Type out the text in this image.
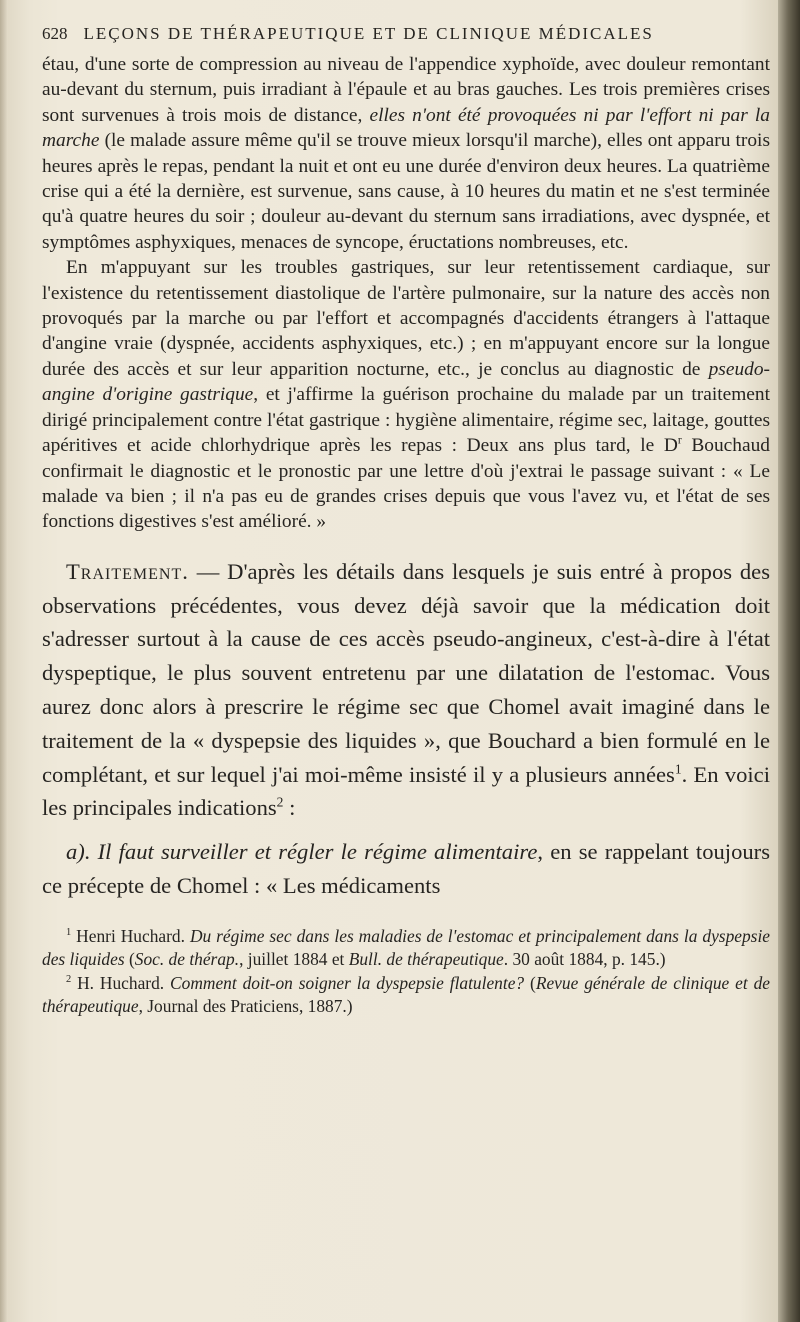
628 LEÇONS DE THÉRAPEUTIQUE ET DE CLINIQUE MÉDICALES

étau, d'une sorte de compression au niveau de l'appendice xyphoïde, avec douleur remontant au-devant du sternum, puis irradiant à l'épaule et au bras gauches. Les trois premières crises sont survenues à trois mois de distance, elles n'ont été provoquées ni par l'effort ni par la marche (le malade assure même qu'il se trouve mieux lorsqu'il marche), elles ont apparu trois heures après le repas, pendant la nuit et ont eu une durée d'environ deux heures. La quatrième crise qui a été la dernière, est survenue, sans cause, à 10 heures du matin et ne s'est terminée qu'à quatre heures du soir ; douleur au-devant du sternum sans irradiations, avec dyspnée, et symptômes asphyxiques, menaces de syncope, éructations nombreuses, etc.

En m'appuyant sur les troubles gastriques, sur leur retentissement cardiaque, sur l'existence du retentissement diastolique de l'artère pulmonaire, sur la nature des accès non provoqués par la marche ou par l'effort et accompagnés d'accidents étrangers à l'attaque d'angine vraie (dyspnée, accidents asphyxiques, etc.) ; en m'appuyant encore sur la longue durée des accès et sur leur apparition nocturne, etc., je conclus au diagnostic de pseudo-angine d'origine gastrique, et j'affirme la guérison prochaine du malade par un traitement dirigé principalement contre l'état gastrique : hygiène alimentaire, régime sec, laitage, gouttes apéritives et acide chlorhydrique après les repas : Deux ans plus tard, le $D^r$ Bouchaud confirmait le diagnostic et le pronostic par une lettre d'où j'extrai le passage suivant : « Le malade va bien ; il n'a pas eu de grandes crises depuis que vous l'avez vu, et l'état de ses fonctions digestives s'est amélioré. »

Traitement. — D'après les détails dans lesquels je suis entré à propos des observations précédentes, vous devez déjà savoir que la médication doit s'adresser surtout à la cause de ces accès pseudo-angineux, c'est-à-dire à l'état dyspeptique, le plus souvent entretenu par une dilatation de l'estomac. Vous aurez donc alors à prescrire le régime sec que Chomel avait imaginé dans le traitement de la « dyspepsie des liquides », que Bouchard a bien formulé en le complétant, et sur lequel j'ai moi-même insisté il y a plusieurs années$^1$. En voici les principales indications$^2$ :

a). Il faut surveiller et régler le régime alimentaire, en se rappelant toujours ce précepte de Chomel : « Les médicaments

$^1$ Henri Huchard. Du régime sec dans les maladies de l'estomac et principalement dans la dyspepsie des liquides (Soc. de thérap., juillet 1884 et Bull. de thérapeutique. 30 août 1884, p. 145.)

$^2$ H. Huchard. Comment doit-on soigner la dyspepsie flatulente? (Revue générale de clinique et de thérapeutique, Journal des Praticiens, 1887.)
